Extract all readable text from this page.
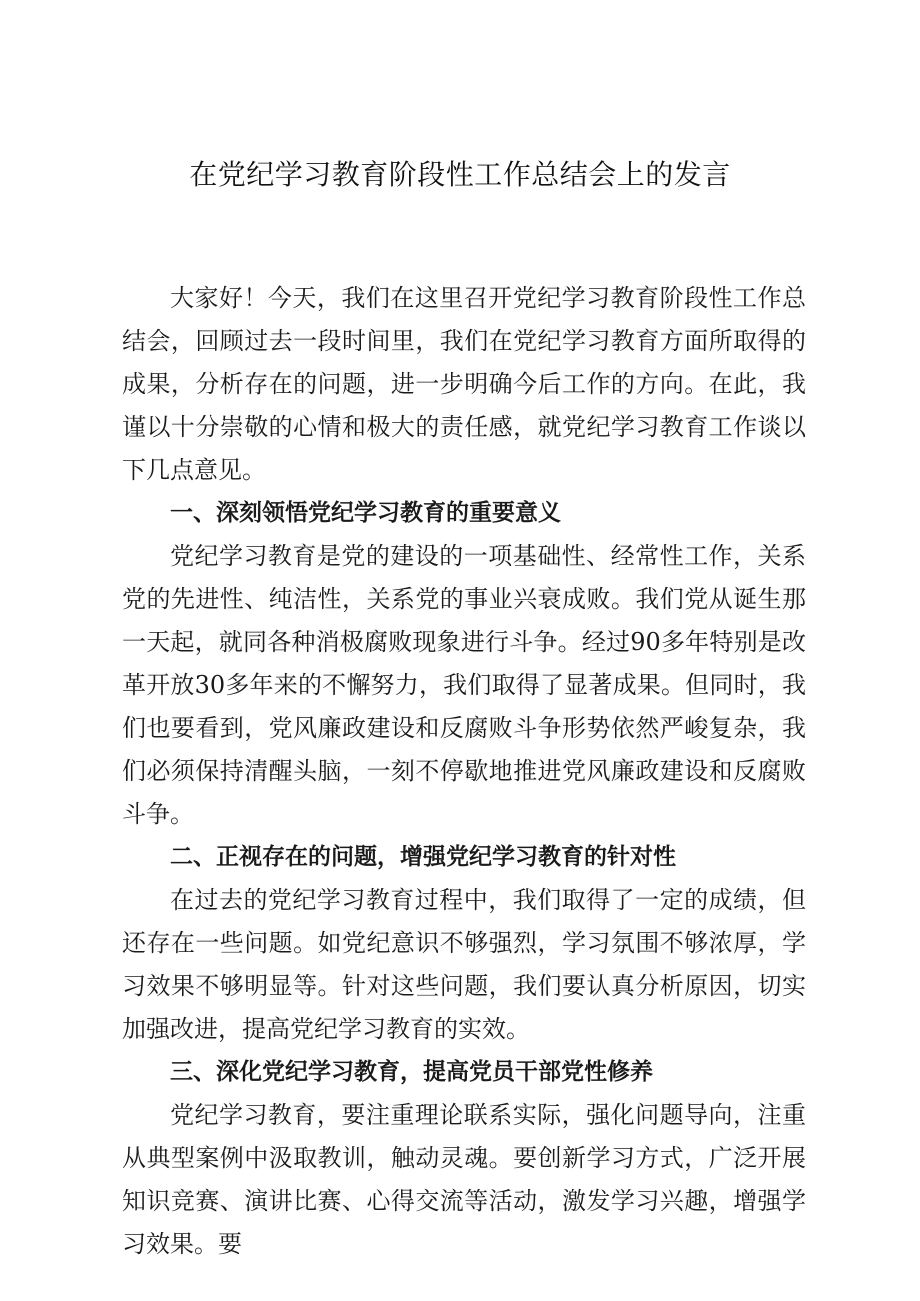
在党纪学习教育阶段性工作总结会上的发言

大家好！今天，我们在这里召开党纪学习教育阶段性工作总结会，回顾过去一段时间里，我们在党纪学习教育方面所取得的成果，分析存在的问题，进一步明确今后工作的方向。在此，我谨以十分崇敬的心情和极大的责任感，就党纪学习教育工作谈以下几点意见。

一、深刻领悟党纪学习教育的重要意义

党纪学习教育是党的建设的一项基础性、经常性工作，关系党的先进性、纯洁性，关系党的事业兴衰成败。我们党从诞生那一天起，就同各种消极腐败现象进行斗争。经过90多年特别是改革开放30多年来的不懈努力，我们取得了显著成果。但同时，我们也要看到，党风廉政建设和反腐败斗争形势依然严峻复杂，我们必须保持清醒头脑，一刻不停歇地推进党风廉政建设和反腐败斗争。

二、正视存在的问题，增强党纪学习教育的针对性

在过去的党纪学习教育过程中，我们取得了一定的成绩，但还存在一些问题。如党纪意识不够强烈，学习氛围不够浓厚，学习效果不够明显等。针对这些问题，我们要认真分析原因，切实加强改进，提高党纪学习教育的实效。

三、深化党纪学习教育，提高党员干部党性修养

党纪学习教育，要注重理论联系实际，强化问题导向，注重从典型案例中汲取教训，触动灵魂。要创新学习方式，广泛开展知识竞赛、演讲比赛、心得交流等活动，激发学习兴趣，增强学习效果。要
